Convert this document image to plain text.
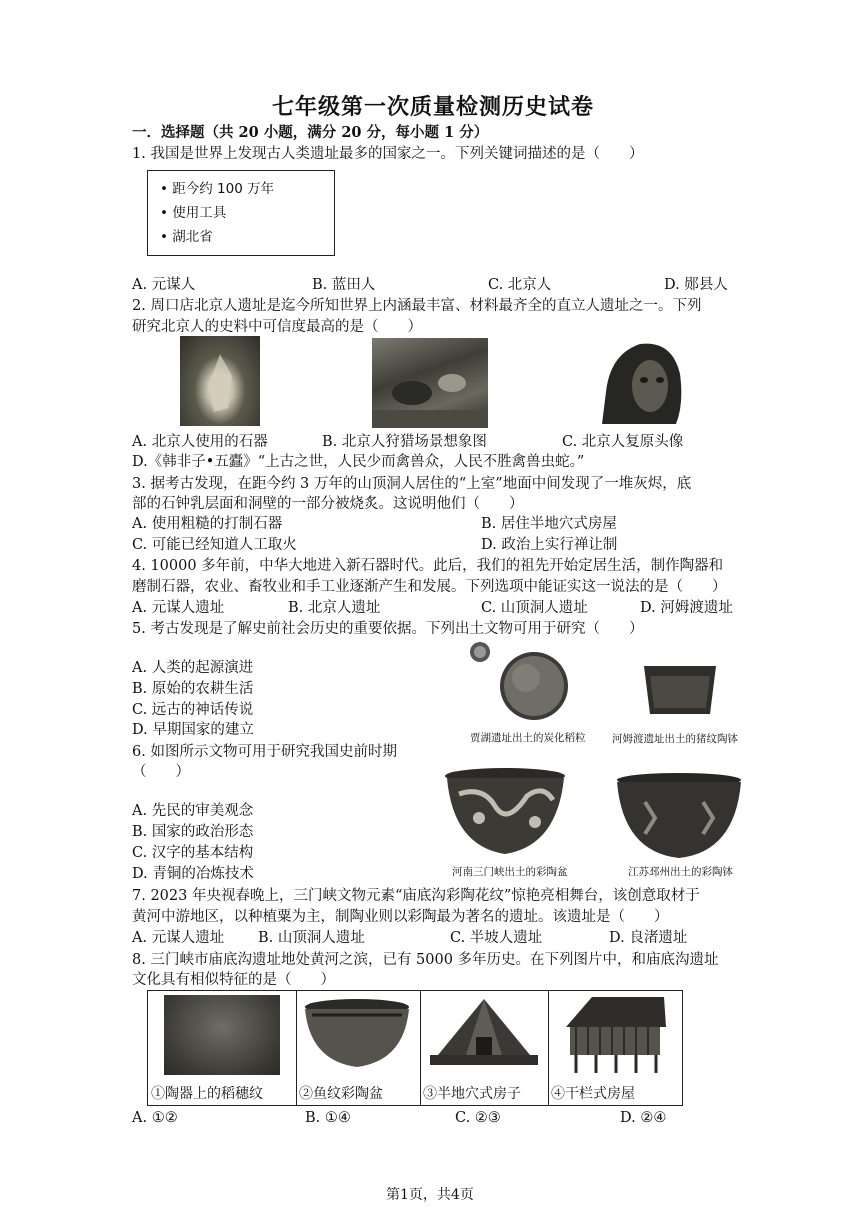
七年级第一次质量检测历史试卷
一．选择题（共 20 小题，满分 20 分，每小题 1 分）
1. 我国是世界上发现古人类遗址最多的国家之一。下列关键词描述的是（　　）
• 距今约 100 万年
• 使用工具
• 湖北省
A. 元谋人	B. 蓝田人	C. 北京人	D. 郧县人
2. 周口店北京人遗址是迄今所知世界上内涵最丰富、材料最齐全的直立人遗址之一。下列
研究北京人的史料中可信度最高的是（　　）
A. 北京人使用的石器	B. 北京人狩猎场景想象图	C. 北京人复原头像
D.《韩非子•五蠹》“上古之世，人民少而禽兽众，人民不胜禽兽虫蛇。”
3. 据考古发现，在距今约 3 万年的山顶洞人居住的“上室”地面中间发现了一堆灰烬，底
部的石钟乳层面和洞壁的一部分被烧炙。这说明他们（　　）
A. 使用粗糙的打制石器	B. 居住半地穴式房屋
C. 可能已经知道人工取火	D. 政治上实行禅让制
4. 10000 多年前，中华大地进入新石器时代。此后，我们的祖先开始定居生活，制作陶器和
磨制石器，农业、畜牧业和手工业逐渐产生和发展。下列选项中能证实这一说法的是（　　）
A. 元谋人遗址	B. 北京人遗址	C. 山顶洞人遗址	D. 河姆渡遗址
5. 考古发现是了解史前社会历史的重要依据。下列出土文物可用于研究（　　）
A. 人类的起源演进
B. 原始的农耕生活
C. 远古的神话传说
D. 早期国家的建立	贾湖遗址出土的炭化稻粒	河姆渡遗址出土的猪纹陶钵
6. 如图所示文物可用于研究我国史前时期
（　　）
A. 先民的审美观念
B. 国家的政治形态
C. 汉字的基本结构
D. 青铜的冶炼技术	河南三门峡出土的彩陶盆	江苏邳州出土的彩陶钵
7. 2023 年央视春晚上，三门峡文物元素“庙底沟彩陶花纹”惊艳亮相舞台，该创意取材于
黄河中游地区，以种植粟为主，制陶业则以彩陶最为著名的遗址。该遗址是（　　）
A. 元谋人遗址 B. 山顶洞人遗址	C. 半坡人遗址	D. 良渚遗址
8. 三门峡市庙底沟遗址地处黄河之滨，已有 5000 多年历史。在下列图片中，和庙底沟遗址
文化具有相似特征的是（　　）
①陶器上的稻穗纹	②鱼纹彩陶盆	③半地穴式房子 ④干栏式房屋
A. ①②	B. ①④	C. ②③	D. ②④
第1页，共4页
